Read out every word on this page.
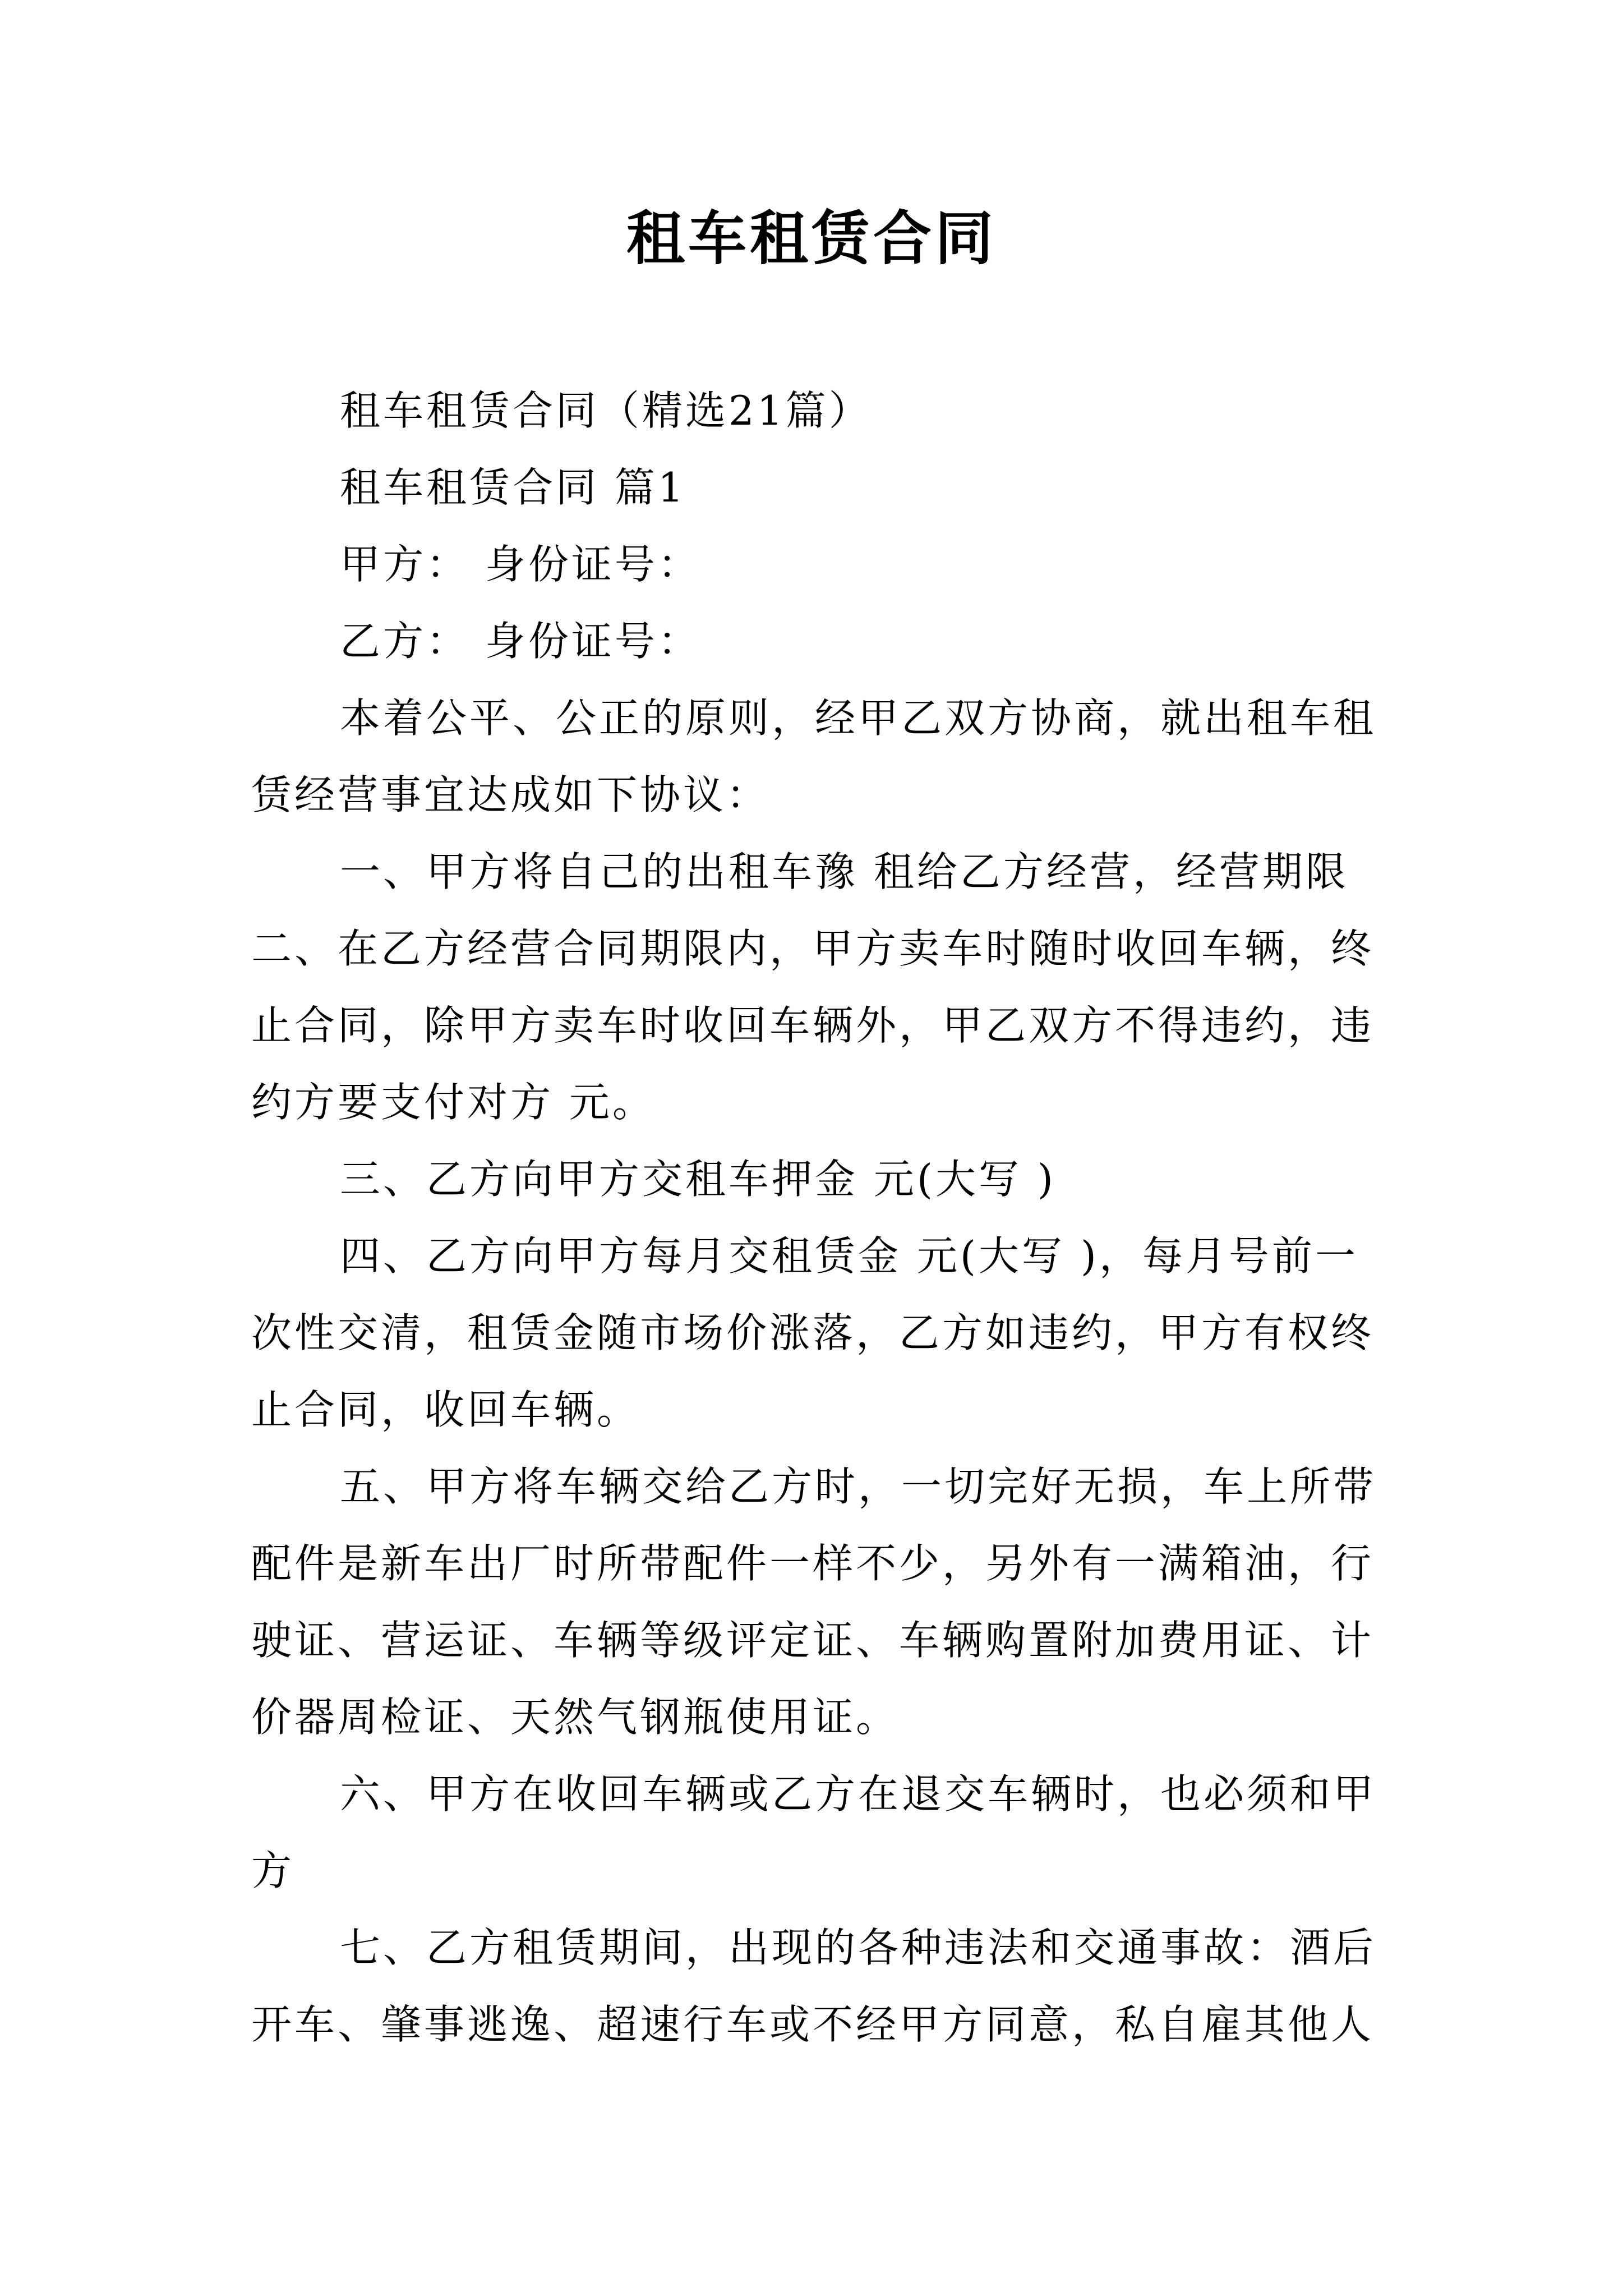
租车租赁合同

租车租赁合同（精选21篇）

租车租赁合同 篇1

甲方： 身份证号：

乙方： 身份证号：

本着公平、公正的原则，经甲乙双方协商，就出租车租

赁经营事宜达成如下协议：

一、甲方将自己的出租车豫 租给乙方经营，经营期限

二、在乙方经营合同期限内，甲方卖车时随时收回车辆，终

止合同，除甲方卖车时收回车辆外，甲乙双方不得违约，违

约方要支付对方 元。

三、乙方向甲方交租车押金 元(大写 )

四、乙方向甲方每月交租赁金 元(大写 )，每月号前一

次性交清，租赁金随市场价涨落，乙方如违约，甲方有权终

止合同，收回车辆。

五、甲方将车辆交给乙方时，一切完好无损，车上所带

配件是新车出厂时所带配件一样不少，另外有一满箱油，行

驶证、营运证、车辆等级评定证、车辆购置附加费用证、计

价器周检证、天然气钢瓶使用证。

六、甲方在收回车辆或乙方在退交车辆时，也必须和甲

方

七、乙方租赁期间，出现的各种违法和交通事故：酒后

开车、肇事逃逸、超速行车或不经甲方同意，私自雇其他人
